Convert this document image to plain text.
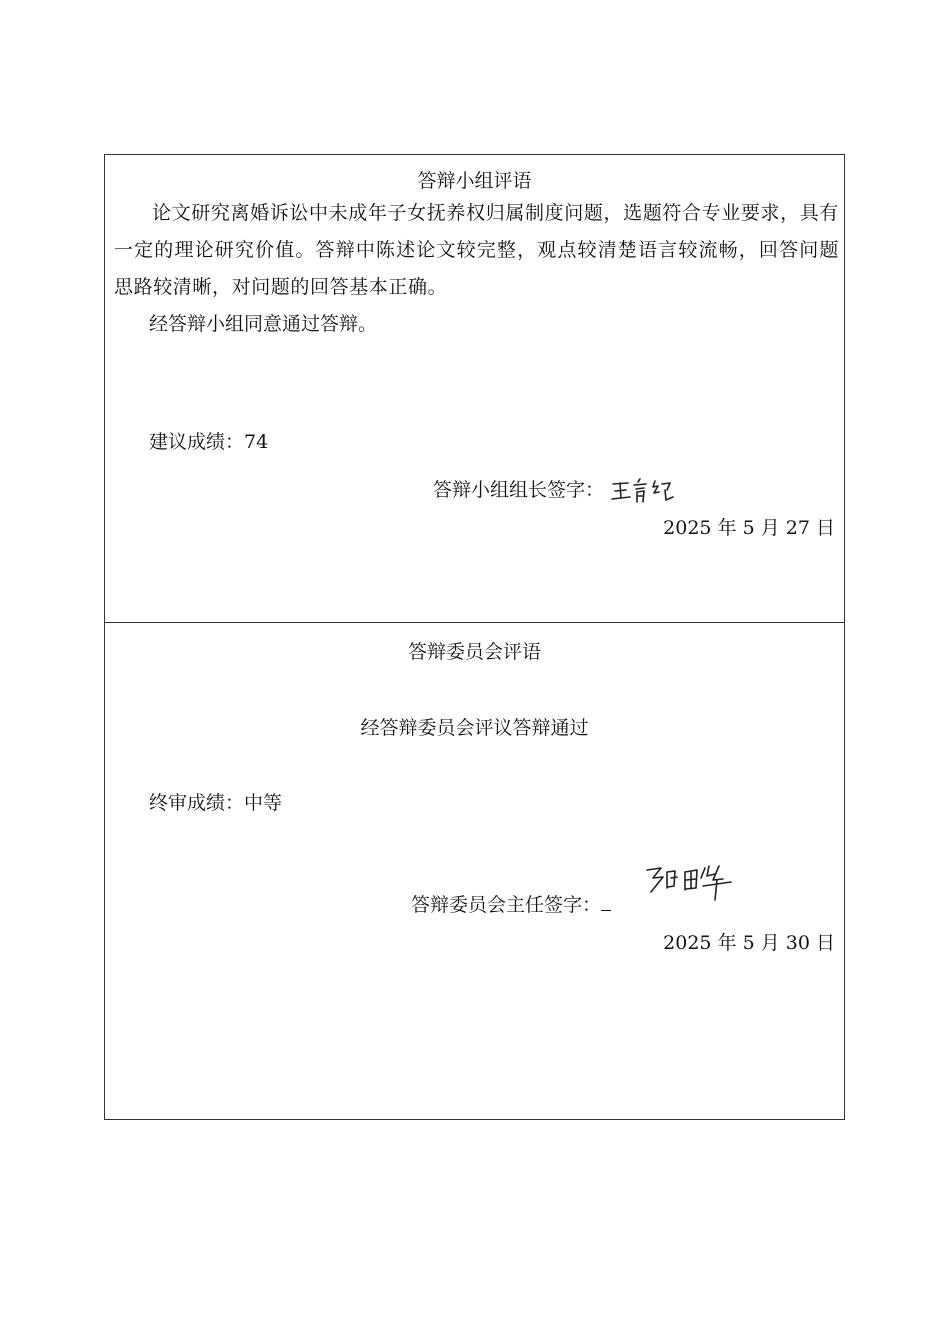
答辩小组评语
论文研究离婚诉讼中未成年子女抚养权归属制度问题，选题符合专业要求，具有一定的理论研究价值。答辩中陈述论文较完整，观点较清楚语言较流畅，回答问题思路较清晰，对问题的回答基本正确。
经答辩小组同意通过答辩。
建议成绩：74
答辩小组组长签字：
2025 年 5 月 27 日
答辩委员会评语
经答辩委员会评议答辩通过
终审成绩：中等
答辩委员会主任签字：
2025 年 5 月 30 日
